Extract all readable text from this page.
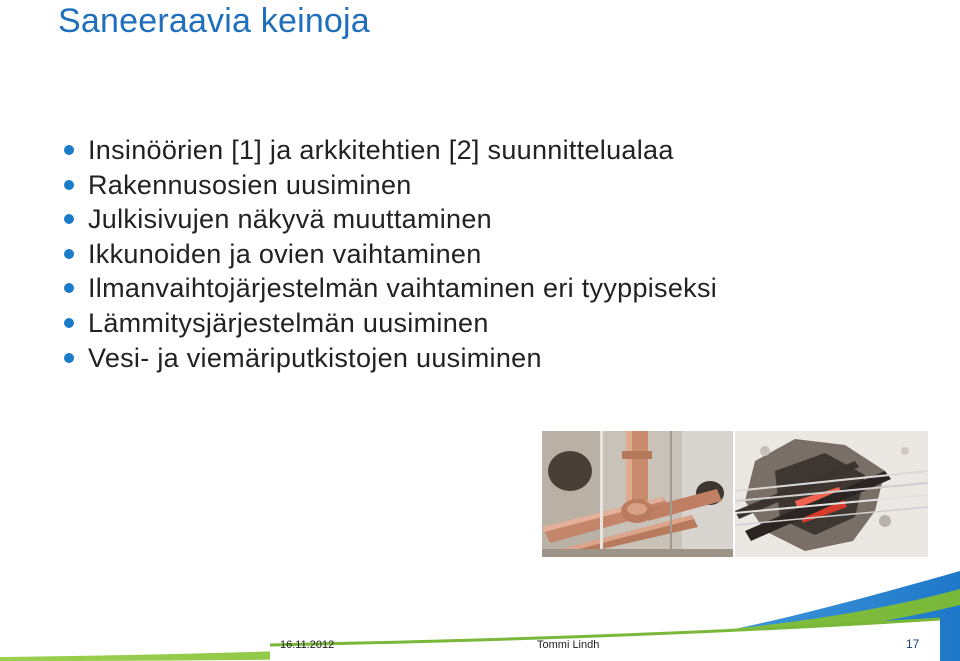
Saneeraavia keinoja
Insinöörien [1] ja arkkitehtien [2] suunnittelualaa
Rakennusosien uusiminen
Julkisivujen näkyvä muuttaminen
Ikkunoiden ja ovien vaihtaminen
Ilmanvaihtojärjestelmän vaihtaminen eri tyyppiseksi
Lämmitysjärjestelmän uusiminen
Vesi- ja viemäriputkistojen uusiminen
16.11.2012	Tommi Lindh	17
